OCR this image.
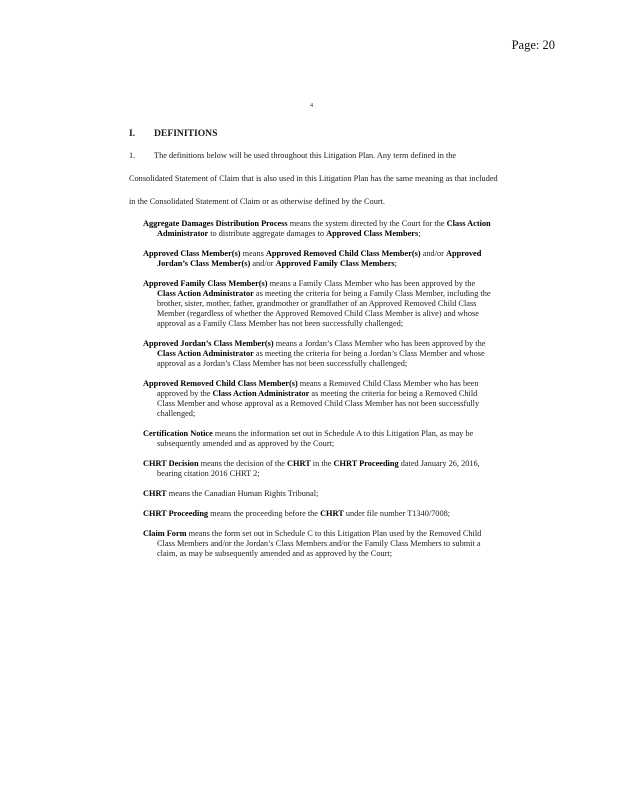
Page: 20
4
I. DEFINITIONS

1. The definitions below will be used throughout this Litigation Plan. Any term defined in the Consolidated Statement of Claim that is also used in this Litigation Plan has the same meaning as that included in the Consolidated Statement of Claim or as otherwise defined by the Court.

Aggregate Damages Distribution Process means the system directed by the Court for the Class Action Administrator to distribute aggregate damages to Approved Class Members;
Approved Class Member(s) means Approved Removed Child Class Member(s) and/or Approved Jordan’s Class Member(s) and/or Approved Family Class Members;
Approved Family Class Member(s) means a Family Class Member who has been approved by the Class Action Administrator as meeting the criteria for being a Family Class Member, including the brother, sister, mother, father, grandmother or grandfather of an Approved Removed Child Class Member (regardless of whether the Approved Removed Child Class Member is alive) and whose approval as a Family Class Member has not been successfully challenged;
Approved Jordan’s Class Member(s) means a Jordan’s Class Member who has been approved by the Class Action Administrator as meeting the criteria for being a Jordan’s Class Member and whose approval as a Jordan’s Class Member has not been successfully challenged;
Approved Removed Child Class Member(s) means a Removed Child Class Member who has been approved by the Class Action Administrator as meeting the criteria for being a Removed Child Class Member and whose approval as a Removed Child Class Member has not been successfully challenged;
Certification Notice means the information set out in Schedule A to this Litigation Plan, as may be subsequently amended and as approved by the Court;
CHRT Decision means the decision of the CHRT in the CHRT Proceeding dated January 26, 2016, bearing citation 2016 CHRT 2;
CHRT means the Canadian Human Rights Tribunal;
CHRT Proceeding means the proceeding before the CHRT under file number T1340/7008;
Claim Form means the form set out in Schedule C to this Litigation Plan used by the Removed Child Class Members and/or the Jordan’s Class Members and/or the Family Class Members to submit a claim, as may be subsequently amended and as approved by the Court;
